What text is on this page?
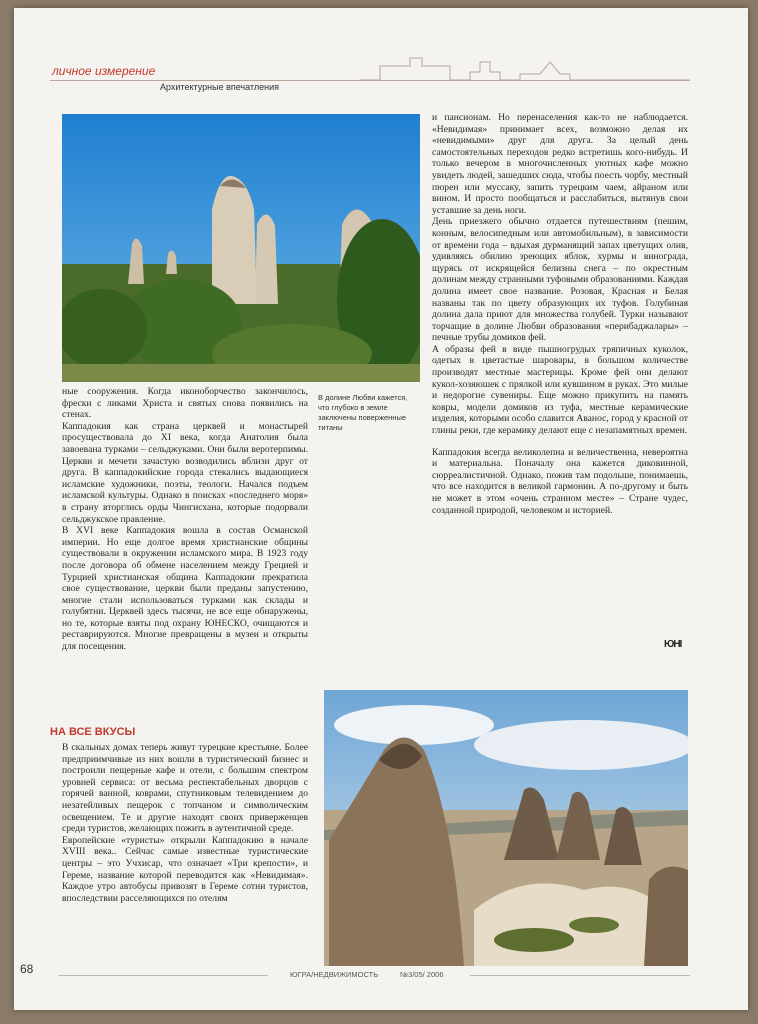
личное измерение
Архитектурные впечатления
В долине Любви кажется, что глубоко в земле заключены поверженные титаны

ные сооружения. Когда иконоборчество закончилось, фрески с ликами Христа и святых снова появились на стенах.

Каппадокия как страна церквей и монастырей просуществовала до XI века, когда Анатолия была завоевана турками – сельджуками. Они были веротерпимы. Церкви и мечети зачастую возводились вблизи друг от друга. В каппадокийские города стекались выдающиеся исламские художники, поэты, теологи. Начался подъем исламской культуры. Однако в поисках «последнего моря» в страну вторглись орды Чингисхана, которые подорвали сельджукское правление.

В XVI веке Каппадокия вошла в состав Османской империи. Но еще долгое время христианские общины существовали в окружении исламского мира. В 1923 году после договора об обмене населением между Грецией и Турцией христианская община Каппадокии прекратила свое существование, церкви были преданы запустению, многие стали использоваться турками как склады и голубятни. Церквей здесь тысячи, не все еще обнаружены, но те, которые взяты под охрану ЮНЕСКО, очищаются и реставрируются. Многие превращены в музеи и открыты для посещения.

НА ВСЕ ВКУСЫ

В скальных домах теперь живут турецкие крестьяне. Более предприимчивые из них вошли в туристический бизнес и построили пещерные кафе и отели, с большим спектром уровней сервиса: от весьма респектабельных дворцов с горячей ванной, коврами, спутниковым телевидением до незатейливых пещерок с топчаном и символическим освещением. Те и другие находят своих приверженцев среди туристов, желающих пожить в аутентичной среде.

Европейские «туристы» открыли Каппадокию в начале XVIII века.. Сейчас самые известные туристические центры – это Учхисар, что означает «Три крепости», и Гереме, название которой переводится как «Невидимая». Каждое утро автобусы привозят в Гереме сотни туристов, впоследствии расселяющихся по отелям

и пансионам. Но перенаселения как-то не наблюдается. «Невидимая» принимает всех, возможно делая их «невидимыми» друг для друга. За целый день самостоятельных переходов редко встретишь кого-нибудь. И только вечером в многочисленных уютных кафе можно увидеть людей, зашедших сюда, чтобы поесть чорбу, местный пюрен или муссаку, запить турецким чаем, айраном или вином. И просто пообщаться и расслабиться, вытянув свои уставшие за день ноги.

День приезжего обычно отдается путешествиям (пешим, конным, велосипедным или автомобильным), в зависимости от времени года – вдыхая дурманящий запах цветущих олив, удивляясь обилию зреющих яблок, хурмы и винограда, щурясь от искрящейся белизны снега – по окрестным долинам между странными туфовыми образованиями. Каждая долина имеет свое название. Розовая, Красная и Белая названы так по цвету образующих их туфов. Голубиная долина дала приют для множества голубей. Турки называют торчащие в долине Любви образования «перибаджалары» – печные трубы домиков фей.

А образы фей в виде пышногрудых тряпичных куколок, одетых в цветастые шаровары, в большом количестве производят местные мастерицы. Кроме фей они делают кукол-хозяюшек с прялкой или кувшином в руках. Это милые и недорогие сувениры. Еще можно прикупить на память ковры, модели домиков из туфа, местные керамические изделия, которыми особо славится Аванос, город у красной от глины реки, где керамику делают еще с незапамятных времен.

Каппадокия всегда великолепна и величественна, невероятна и материальна. Поначалу она кажется диковинной, сюрреалистичной. Однако, пожив там подольше, понимаешь, что все находится в великой гармонии. А по-другому и быть не может в этом «очень странном месте» – Стране чудес, созданной природой, человеком и историей.

ЮНІ
68	ЮГРА/НЕДВИЖИМОСТЬ	№3/05/ 2006
